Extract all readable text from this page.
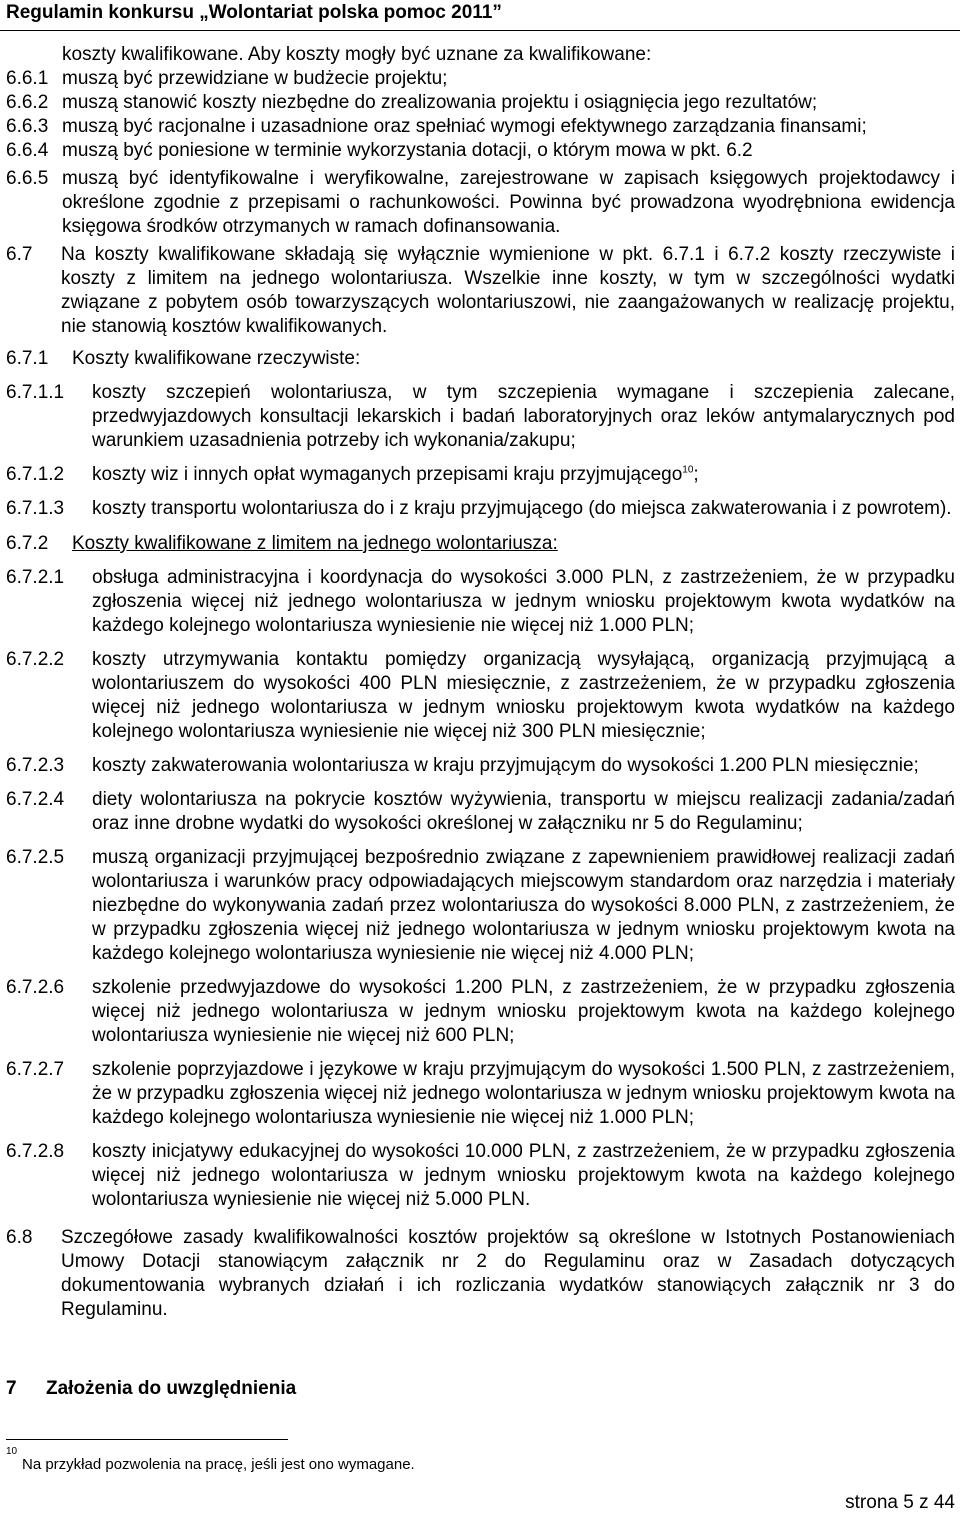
Regulamin konkursu „Wolontariat polska pomoc 2011”
koszty kwalifikowane. Aby koszty mogły być uznane za kwalifikowane:
6.6.1 muszą być przewidziane w budżecie projektu;
6.6.2 muszą stanowić koszty niezbędne do zrealizowania projektu i osiągnięcia jego rezultatów;
6.6.3 muszą być racjonalne i uzasadnione oraz spełniać wymogi efektywnego zarządzania finansami;
6.6.4 muszą być poniesione w terminie wykorzystania dotacji, o którym mowa w pkt. 6.2
6.6.5 muszą być identyfikowalne i weryfikowalne, zarejestrowane w zapisach księgowych projektodawcy i określone zgodnie z przepisami o rachunkowości. Powinna być prowadzona wyodrębniona ewidencja księgowa środków otrzymanych w ramach dofinansowania.
6.7	Na koszty kwalifikowane składają się wyłącznie wymienione w pkt. 6.7.1 i 6.7.2 koszty rzeczywiste i koszty z limitem na jednego wolontariusza. Wszelkie inne koszty, w tym w szczególności wydatki związane z pobytem osób towarzyszących wolontariuszowi, nie zaangażowanych w realizację projektu, nie stanowią kosztów kwalifikowanych.
6.7.1	Koszty kwalifikowane rzeczywiste:
6.7.1.1	koszty szczepień wolontariusza, w tym szczepienia wymagane i szczepienia zalecane, przedwyjazdowych konsultacji lekarskich i badań laboratoryjnych oraz leków antymalarycznych pod warunkiem uzasadnienia potrzeby ich wykonania/zakupu;
6.7.1.2	koszty wiz i innych opłat wymaganych przepisami kraju przyjmującego$^{10}$;
6.7.1.3	koszty transportu wolontariusza do i z kraju przyjmującego (do miejsca zakwaterowania i z powrotem).
6.7.2	Koszty kwalifikowane z limitem na jednego wolontariusza:
6.7.2.1	obsługa administracyjna i koordynacja do wysokości 3.000 PLN, z zastrzeżeniem, że w przypadku zgłoszenia więcej niż jednego wolontariusza w jednym wniosku projektowym kwota wydatków na każdego kolejnego wolontariusza wyniesienie nie więcej niż 1.000 PLN;
6.7.2.2	koszty utrzymywania kontaktu pomiędzy organizacją wysyłającą, organizacją przyjmującą a wolontariuszem do wysokości 400 PLN miesięcznie, z zastrzeżeniem, że w przypadku zgłoszenia więcej niż jednego wolontariusza w jednym wniosku projektowym kwota wydatków na każdego kolejnego wolontariusza wyniesienie nie więcej niż 300 PLN miesięcznie;
6.7.2.3	koszty zakwaterowania wolontariusza w kraju przyjmującym do wysokości 1.200 PLN miesięcznie;
6.7.2.4	diety wolontariusza na pokrycie kosztów wyżywienia, transportu w miejscu realizacji zadania/zadań oraz inne drobne wydatki do wysokości określonej w załączniku nr 5 do Regulaminu;
6.7.2.5	muszą organizacji przyjmującej bezpośrednio związane z zapewnieniem prawidłowej realizacji zadań wolontariusza i warunków pracy odpowiadających miejscowym standardom oraz narzędzia i materiały niezbędne do wykonywania zadań przez wolontariusza do wysokości 8.000 PLN, z zastrzeżeniem, że w przypadku zgłoszenia więcej niż jednego wolontariusza w jednym wniosku projektowym kwota na każdego kolejnego wolontariusza wyniesienie nie więcej niż 4.000 PLN;
6.7.2.6	szkolenie przedwyjazdowe do wysokości 1.200 PLN, z zastrzeżeniem, że w przypadku zgłoszenia więcej niż jednego wolontariusza w jednym wniosku projektowym kwota na każdego kolejnego wolontariusza wyniesienie nie więcej niż 600 PLN;
6.7.2.7	szkolenie poprzyjazdowe i językowe w kraju przyjmującym do wysokości 1.500 PLN, z zastrzeżeniem, że w przypadku zgłoszenia więcej niż jednego wolontariusza w jednym wniosku projektowym kwota na każdego kolejnego wolontariusza wyniesienie nie więcej niż 1.000 PLN;
6.7.2.8	koszty inicjatywy edukacyjnej do wysokości 10.000 PLN, z zastrzeżeniem, że w przypadku zgłoszenia więcej niż jednego wolontariusza w jednym wniosku projektowym kwota na każdego kolejnego wolontariusza wyniesienie nie więcej niż 5.000 PLN.
6.8	Szczegółowe zasady kwalifikowalności kosztów projektów są określone w Istotnych Postanowieniach Umowy Dotacji stanowiącym załącznik nr 2 do Regulaminu oraz w Zasadach dotyczących dokumentowania wybranych działań i ich rozliczania wydatków stanowiących załącznik nr 3 do Regulaminu.
7 Założenia do uwzględnienia
10
Na przykład pozwolenia na pracę, jeśli jest ono wymagane.
strona 5 z 44
